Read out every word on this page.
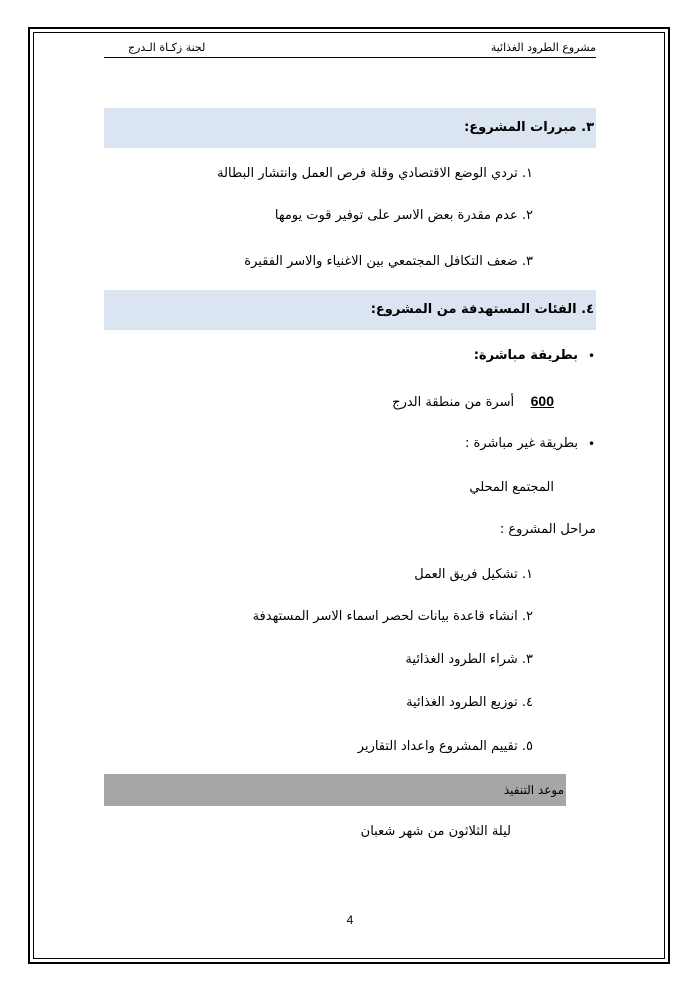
مشروع الطرود الغذائية
لجنة زكـاة الـدرج
٣. مبررات المشروع:
١. تردي الوضع الاقتصادي وقلة فرص العمل وانتشار البطالة
٢. عدم مقدرة بعض الاسر على توفير قوت يومها
٣. ضعف التكافل المجتمعي بين الاغنياء والاسر الفقيرة
٤. الفئات المستهدفة من المشروع:
•
بطريقة مباشرة:
600    أسرة من منطقة الدرج
•
بطريقة غير مباشرة :
المجتمع المحلي
مراحل المشروع :
١. تشكيل فريق العمل
٢. انشاء قاعدة بيانات لحصر اسماء الاسر المستهدفة
٣. شراء الطرود الغذائية
٤. توزيع الطرود الغذائية
٥. تقييم المشروع واعداد التقارير
موعد التنفيذ
ليلة الثلاثون من شهر شعبان
4
